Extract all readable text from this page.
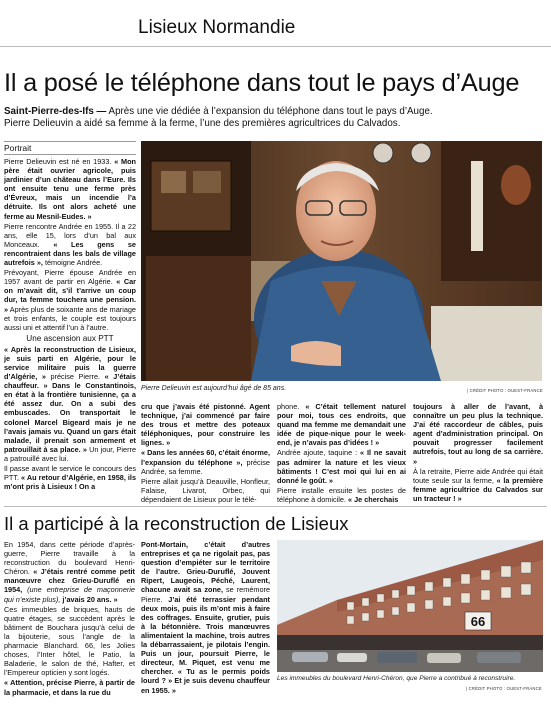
Lisieux Normandie
Il a posé le téléphone dans tout le pays d’Auge
Saint-Pierre-des-Ifs — Après une vie dédiée à l’expansion du téléphone dans tout le pays d’Auge.
Pierre Delieuvin a aidé sa femme à la ferme, l’une des premières agricultrices du Calvados.
Portrait

Pierre Delieuvin est né en 1933. « Mon père était ouvrier agricole, puis jardinier d’un château dans l’Eure. Ils ont ensuite tenu une ferme près d’Évreux, mais un incendie l’a détruite. Ils ont alors acheté une ferme au Mesnil-Eudes. »

Pierre rencontre Andrée en 1955. Il a 22 ans, elle 15, lors d’un bal aux Monceaux. « Les gens se rencontraient dans les bals de village autrefois », témoigne Andrée.

Prévoyant, Pierre épouse Andrée en 1957 avant de partir en Algérie. « Car on m’avait dit, s’il t’arrive un coup dur, ta femme touchera une pension. » Après plus de soixante ans de mariage et trois enfants, le couple est toujours aussi uni et attentif l’un à l’autre.

Une ascension aux PTT

« Après la reconstruction de Lisieux, je suis parti en Algérie, pour le service militaire puis la guerre d’Algérie, » précise Pierre. « J’étais chauffeur. » Dans le Constantinois, en état à la frontière tunisienne, ça a été assez dur. On a subi des embuscades. On transportait le colonel Marcel Bigeard mais je ne l’avais jamais vu. Quand un gars était malade, il prenait son armement et patrouillait à sa place. » Un jour, Pierre a patrouillé avec lui.

Il passe avant le service le concours des PTT. « Au retour d’Algérie, en 1958, ils m’ont pris à Lisieux ! On a

Pierre Delieuvin est aujourd’hui âgé de 85 ans.	| CRÉDIT PHOTO : OUEST-FRANCE

cru que j’avais été pistonné. Agent technique, j’ai commencé par faire des trous et mettre des poteaux téléphoniques, pour construire les lignes. »

« Dans les années 60, c’était énorme, l’expansion du téléphone », précise Andrée, sa femme.

Pierre allait jusqu’à Deauville, Honfleur, Falaise, Livarot, Orbec, qui dépendaient de Lisieux pour le télé-

phone. « C’était tellement naturel pour moi, tous ces endroits, que quand ma femme me demandait une idée de pique-nique pour le week-end, je n’avais pas d’idées ! »

Andrée ajoute, taquine : « Il ne savait pas admirer la nature et les vieux bâtiments ! C’est moi qui lui en ai donné le goût. »

Pierre installe ensuite les postes de téléphone à domicile. « Je cherchais

toujours à aller de l’avant, à connaître un peu plus la technique. J’ai été raccordeur de câbles, puis agent d’administration principal. On pouvait progresser facilement autrefois, tout au long de sa carrière. »

À la retraite, Pierre aide Andrée qui était toute seule sur la ferme, « la première femme agricultrice du Calvados sur un tracteur ! »

Il a participé à la reconstruction de Lisieux

En 1954, dans cette période d’après-guerre, Pierre travaille à la reconstruction du boulevard Henri-Chéron. « J’étais rentré comme petit manœuvre chez Grieu-Duruflé en 1954, (une entreprise de maçonnerie qui n’existe plus), j’avais 20 ans. »

Ces immeubles de briques, hauts de quatre étages, se succèdent après le bâtiment de Bouchara jusqu’à celui de la bijouterie, sous l’angle de la pharmacie Blanchard. 66, les Jolies choses, l’Inter hôtel, le Patio, la Baladerie, le salon de thé, Hafter, et l’Empereur opticien y sont logés.

« Attention, précise Pierre, à partir de la pharmacie, et dans la rue du

Pont-Mortain, c’était d’autres entreprises et ça ne rigolait pas, pas question d’empiéter sur le territoire de l’autre. Grieu-Duruflé, Jouvent Ripert, Laugeois, Péché, Laurent, chacune avait sa zone, se remémore Pierre. J’ai été terrassier pendant deux mois, puis ils m’ont mis à faire des coffrages. Ensuite, grutier, puis à la bétonnière. Trois manœuvres alimentaient la machine, trois autres la débarrassaient, je pilotais l’engin. Puis un jour, poursuit Pierre, le directeur, M. Piquet, est venu me chercher. « Tu as le permis poids lourd ? » Et je suis devenu chauffeur en 1955. »

66
Les immeubles du boulevard Henri-Chéron, que Pierre a contribué à reconstruire.
| CRÉDIT PHOTO : OUEST-FRANCE
